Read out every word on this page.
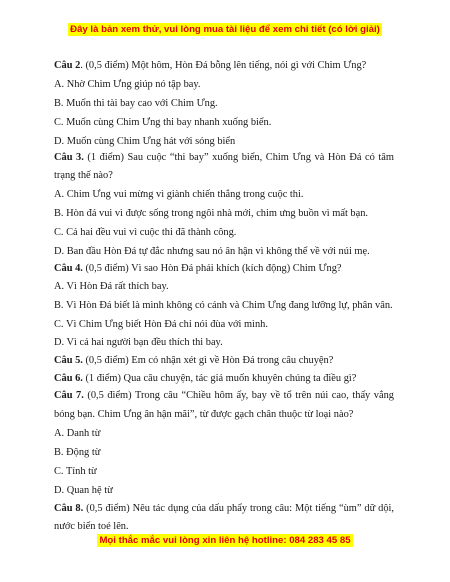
Đây là bản xem thử, vui lòng mua tài liệu để xem chi tiết (có lời giải)
Câu 2. (0,5 điểm) Một hôm, Hòn Đá bỗng lên tiếng, nói gì với Chim Ưng?
A. Nhờ Chim Ưng giúp nó tập bay.
B. Muốn thi tài bay cao với Chim Ưng.
C. Muốn cùng Chim Ưng thi bay nhanh xuống biển.
D. Muốn cùng Chim Ưng hát với sóng biển
Câu 3. (1 điểm) Sau cuộc “thi bay” xuống biển, Chim Ưng và Hòn Đá có tâm
trạng thế nào?
A. Chim Ưng vui mừng vì giành chiến thắng trong cuộc thi.
B. Hòn đá vui vì được sống trong ngôi nhà mới, chim ưng buồn vì mất bạn.
C. Cả hai đều vui vì cuộc thi đã thành công.
D. Ban đầu Hòn Đá tự đắc nhưng sau nó ân hận vì không thể về với núi mẹ.
Câu 4. (0,5 điểm) Vì sao Hòn Đá phải khích (kích động) Chim Ưng?
A. Vì Hòn Đá rất thích bay.
B. Vì Hòn Đá biết là mình không có cánh và Chim Ưng đang lưỡng lự, phân vân.
C. Vì Chim Ưng biết Hòn Đá chỉ nói đùa với mình.
D. Vì cả hai người bạn đều thích thi bay.
Câu 5. (0,5 điểm) Em có nhận xét gì về Hòn Đá trong câu chuyện?
Câu 6. (1 điểm) Qua câu chuyện, tác giả muốn khuyên chúng ta điều gì?
Câu 7. (0,5 điểm) Trong câu “Chiều hôm ấy, bay về tổ trên núi cao, thấy vắng
bóng bạn. Chim Ưng ân hận mãi”, từ được gạch chân thuộc từ loại nào?
A. Danh từ
B. Động từ
C. Tính từ
D. Quan hệ từ
Câu 8. (0,5 điểm) Nêu tác dụng của dấu phẩy trong câu: Một tiếng “ùm” dữ dội,
nước biển toé lên.
Mọi thắc mắc vui lòng xin liên hệ hotline: 084 283 45 85
